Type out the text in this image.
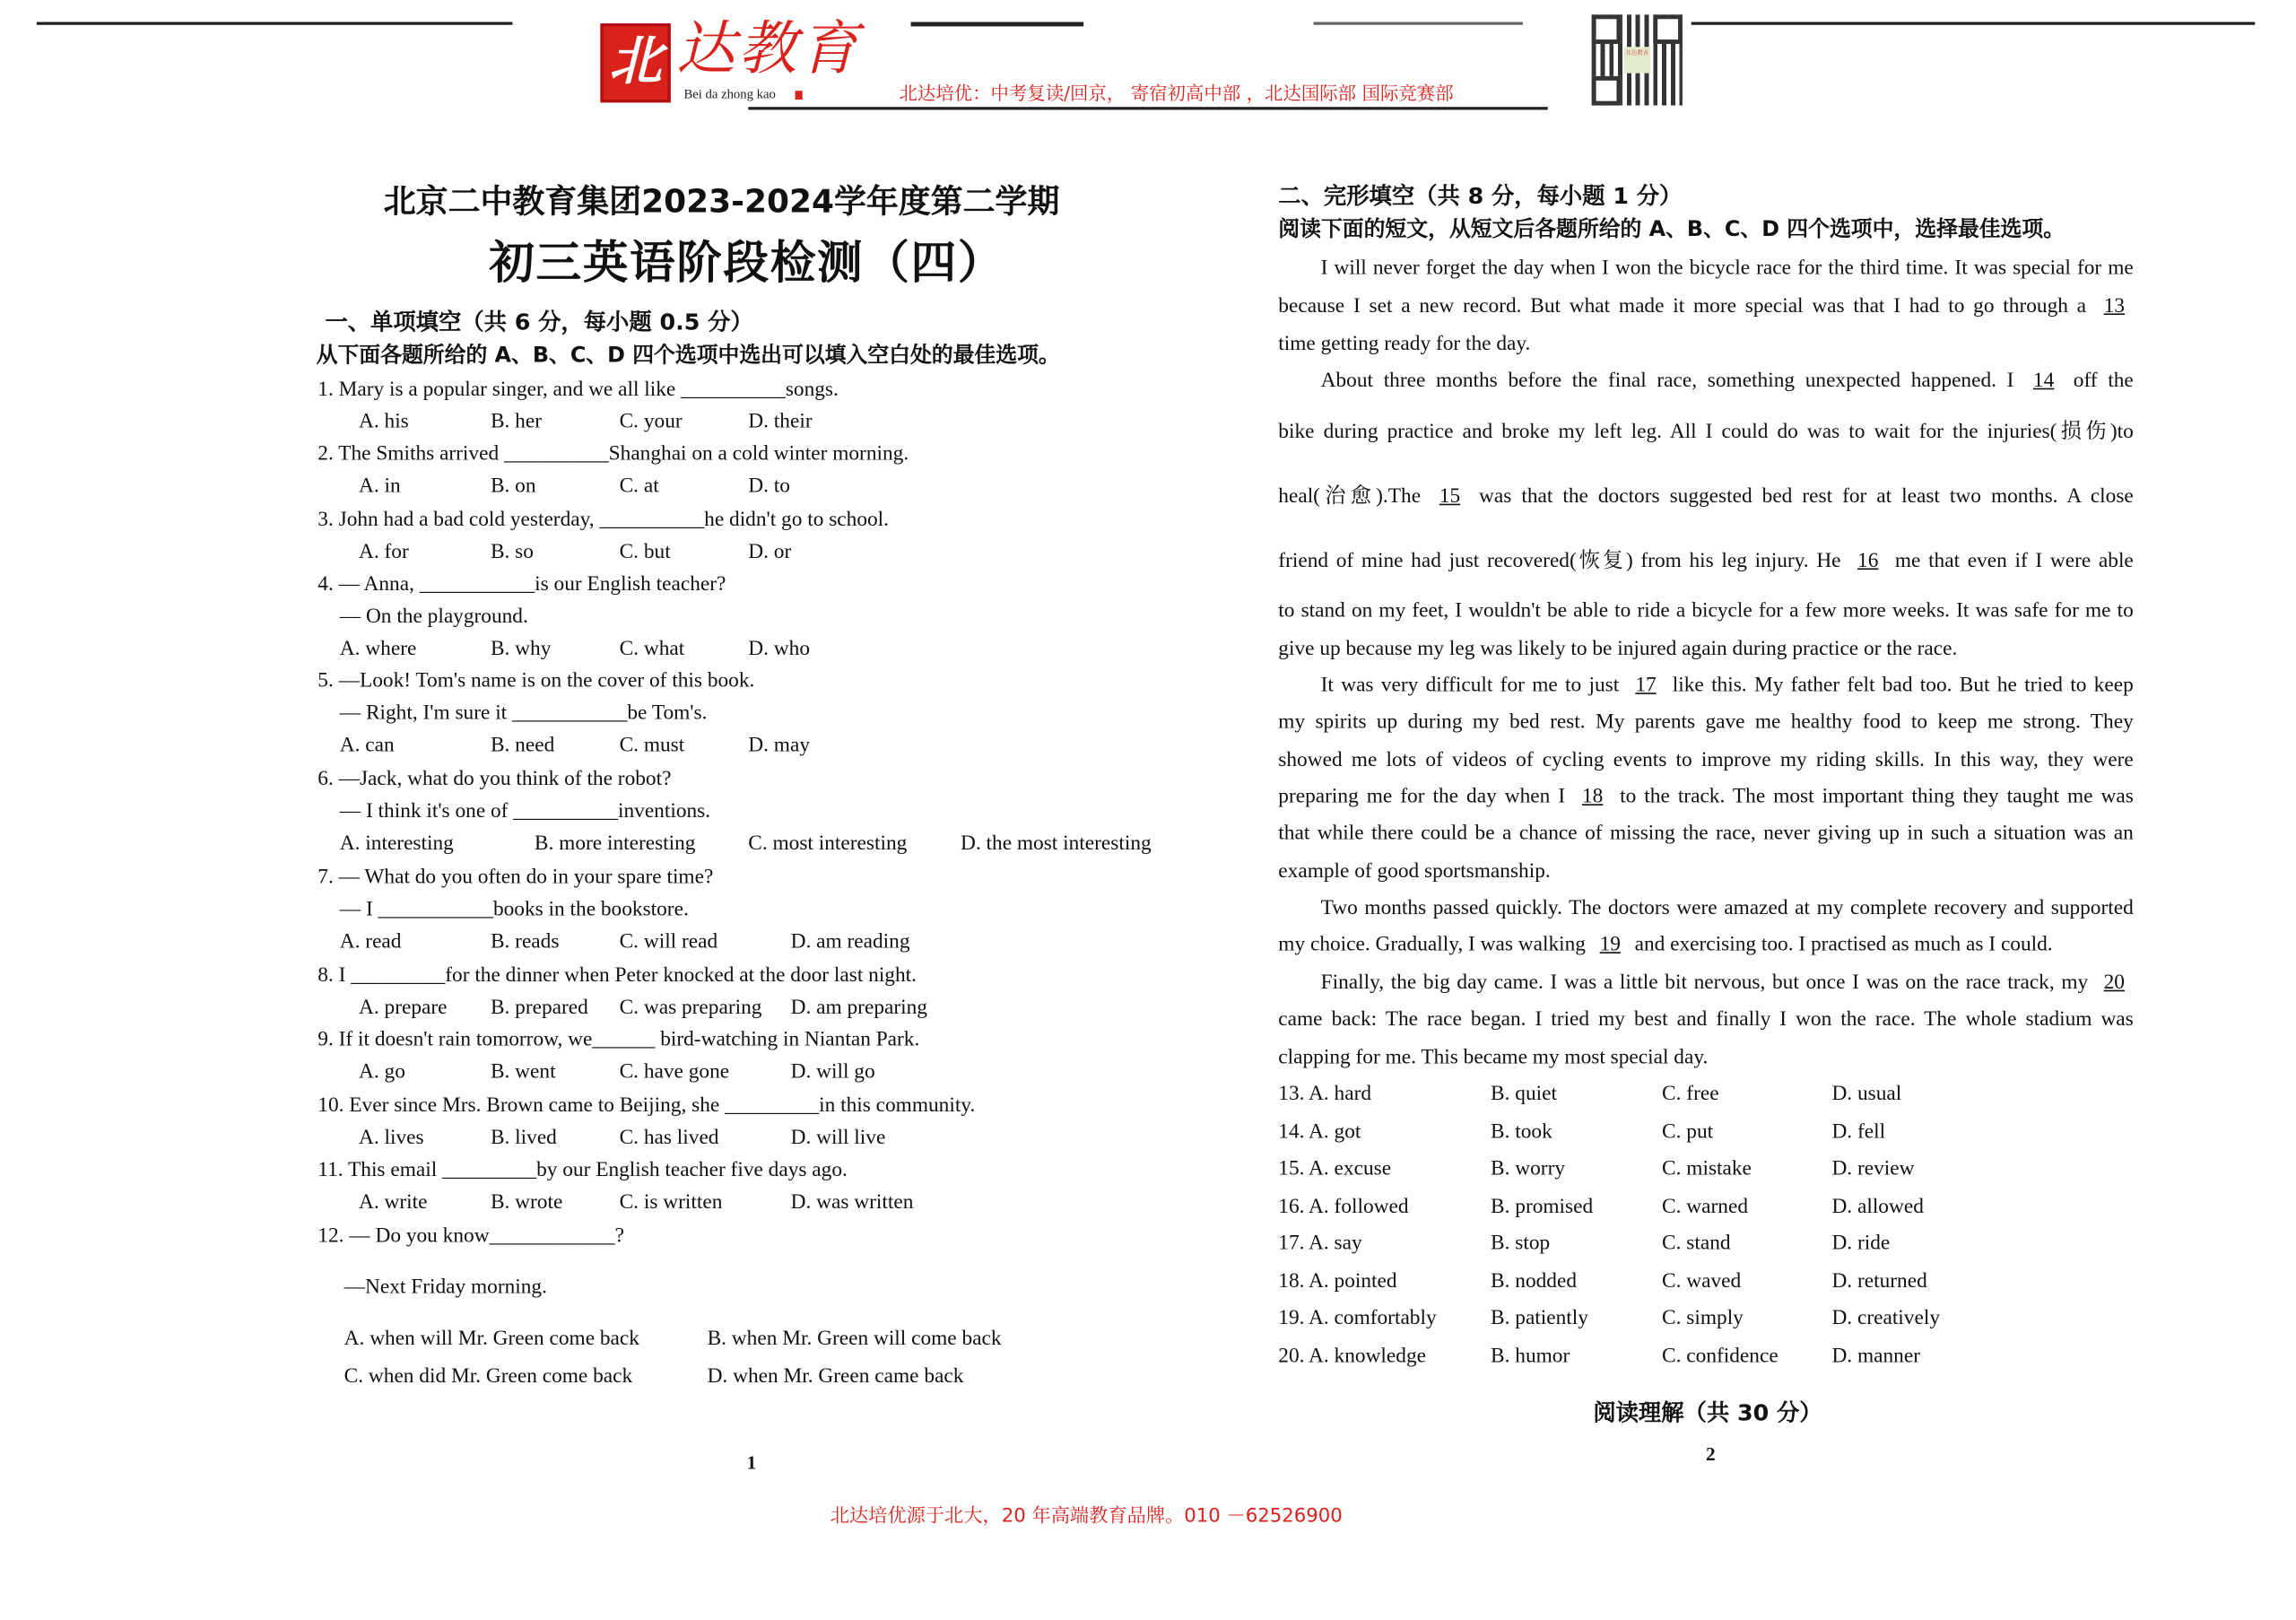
北 达教育
Bei da zhong kao	北达培优：中考复读/回京， 寄宿初高中部 ，北达国际部 国际竞赛部
北达教育
北京二中教育集团2023-2024学年度第二学期
初三英语阶段检测（四）
一、单项填空（共 6 分，每小题 0.5 分）
从下面各题所给的 A、B、C、D 四个选项中选出可以填入空白处的最佳选项。
1. Mary is a popular singer, and we all like __________songs.
A. his	B. her	C. your	D. their
2. The Smiths arrived __________Shanghai on a cold winter morning.
A. in	B. on	C. at	D. to
3. John had a bad cold yesterday, __________he didn't go to school.
A. for	B. so	C. but	D. or
4. — Anna, ___________is our English teacher?
— On the playground.
A. where	B. why	C. what	D. who
5. —Look! Tom's name is on the cover of this book.
— Right, I'm sure it ___________be Tom's.
A. can	B. need	C. must	D. may
6. —Jack, what do you think of the robot?
— I think it's one of __________inventions.
A. interesting	B. more interesting	C. most interesting	D. the most interesting
7. — What do you often do in your spare time?
— I ___________books in the bookstore.
A. read	B. reads	C. will read	D. am reading
8. I _________for the dinner when Peter knocked at the door last night.
A. prepare	B. prepared C. was preparing D. am preparing
9. If it doesn't rain tomorrow, we______ bird-watching in Niantan Park.
A. go	B. went	C. have gone	D. will go
10. Ever since Mrs. Brown came to Beijing, she _________in this community.
A. lives	B. lived	C. has lived	D. will live
11. This email _________by our English teacher five days ago.
A. write	B. wrote	C. is written	D. was written
12. — Do you know____________?
—Next Friday morning.
A. when will Mr. Green come back	B. when Mr. Green will come back
C. when did Mr. Green come back	D. when Mr. Green came back
1
二、完形填空（共 8 分，每小题 1 分）
阅读下面的短文，从短文后各题所给的 A、B、C、D 四个选项中，选择最佳选项。
I will never forget the day when I won the bicycle race for the third time. It was special for me
because I set a new record. But what made it more special was that I had to go through a 13
time getting ready for the day.
About three months before the final race, something unexpected happened. I 14 off the
bike during practice and broke my left leg. All I could do was to wait for the injuries(损伤)to
heal(治愈).The 15 was that the doctors suggested bed rest for at least two months. A close
friend of mine had just recovered(恢复) from his leg injury. He 16 me that even if I were able
to stand on my feet, I wouldn't be able to ride a bicycle for a few more weeks. It was safe for me to
give up because my leg was likely to be injured again during practice or the race.
It was very difficult for me to just 17 like this. My father felt bad too. But he tried to keep
my spirits up during my bed rest. My parents gave me healthy food to keep me strong. They
showed me lots of videos of cycling events to improve my riding skills. In this way, they were
preparing me for the day when I 18 to the track. The most important thing they taught me was
that while there could be a chance of missing the race, never giving up in such a situation was an
example of good sportsmanship.
Two months passed quickly. The doctors were amazed at my complete recovery and supported
my choice. Gradually, I was walking 19 and exercising too. I practised as much as I could.
Finally, the big day came. I was a little bit nervous, but once I was on the race track, my 20
came back: The race began. I tried my best and finally I won the race. The whole stadium was
clapping for me. This became my most special day.
13. A. hard	B. quiet	C. free	D. usual
14. A. got	B. took	C. put	D. fell
15. A. excuse	B. worry	C. mistake	D. review
16. A. followed	B. promised	C. warned	D. allowed
17. A. say	B. stop	C. stand	D. ride
18. A. pointed	B. nodded	C. waved	D. returned
19. A. comfortably	B. patiently	C. simply	D. creatively
20. A. knowledge	B. humor	C. confidence	D. manner
阅读理解（共 30 分）
2
北达培优源于北大，20 年高端教育品牌。010 －62526900
